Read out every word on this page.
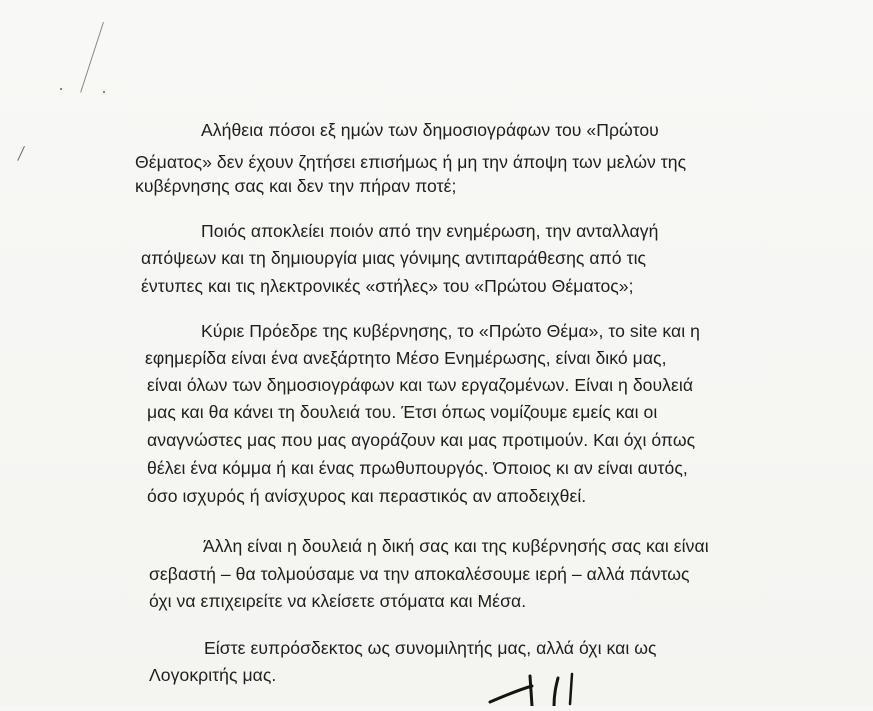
Αλήθεια πόσοι εξ ημών των δημοσιογράφων του «Πρώτου
Θέματος» δεν έχουν ζητήσει επισήμως ή μη την άποψη των μελών της
κυβέρνησης σας και δεν την πήραν ποτέ;
Ποιός αποκλείει ποιόν από την ενημέρωση, την ανταλλαγή
απόψεων και τη δημιουργία μιας γόνιμης αντιπαράθεσης από τις
έντυπες και τις ηλεκτρονικές «στήλες» του «Πρώτου Θέματος»;
Κύριε Πρόεδρε της κυβέρνησης, το «Πρώτο Θέμα», το site και η
εφημερίδα είναι ένα ανεξάρτητο Μέσο Ενημέρωσης, είναι δικό μας,
είναι όλων των δημοσιογράφων και των εργαζομένων. Είναι η δουλειά
μας και θα κάνει τη δουλειά του. Έτσι όπως νομίζουμε εμείς και οι
αναγνώστες μας που μας αγοράζουν και μας προτιμούν. Και όχι όπως
θέλει ένα κόμμα ή και ένας πρωθυπουργός. Όποιος κι αν είναι αυτός,
όσο ισχυρός ή ανίσχυρος και περαστικός αν αποδειχθεί.
Άλλη είναι η δουλειά η δική σας και της κυβέρνησής σας και είναι
σεβαστή – θα τολμούσαμε να την αποκαλέσουμε ιερή – αλλά πάντως
όχι να επιχειρείτε να κλείσετε στόματα και Μέσα.
Είστε ευπρόσδεκτος ως συνομιλητής μας, αλλά όχι και ως
Λογοκριτής μας.
